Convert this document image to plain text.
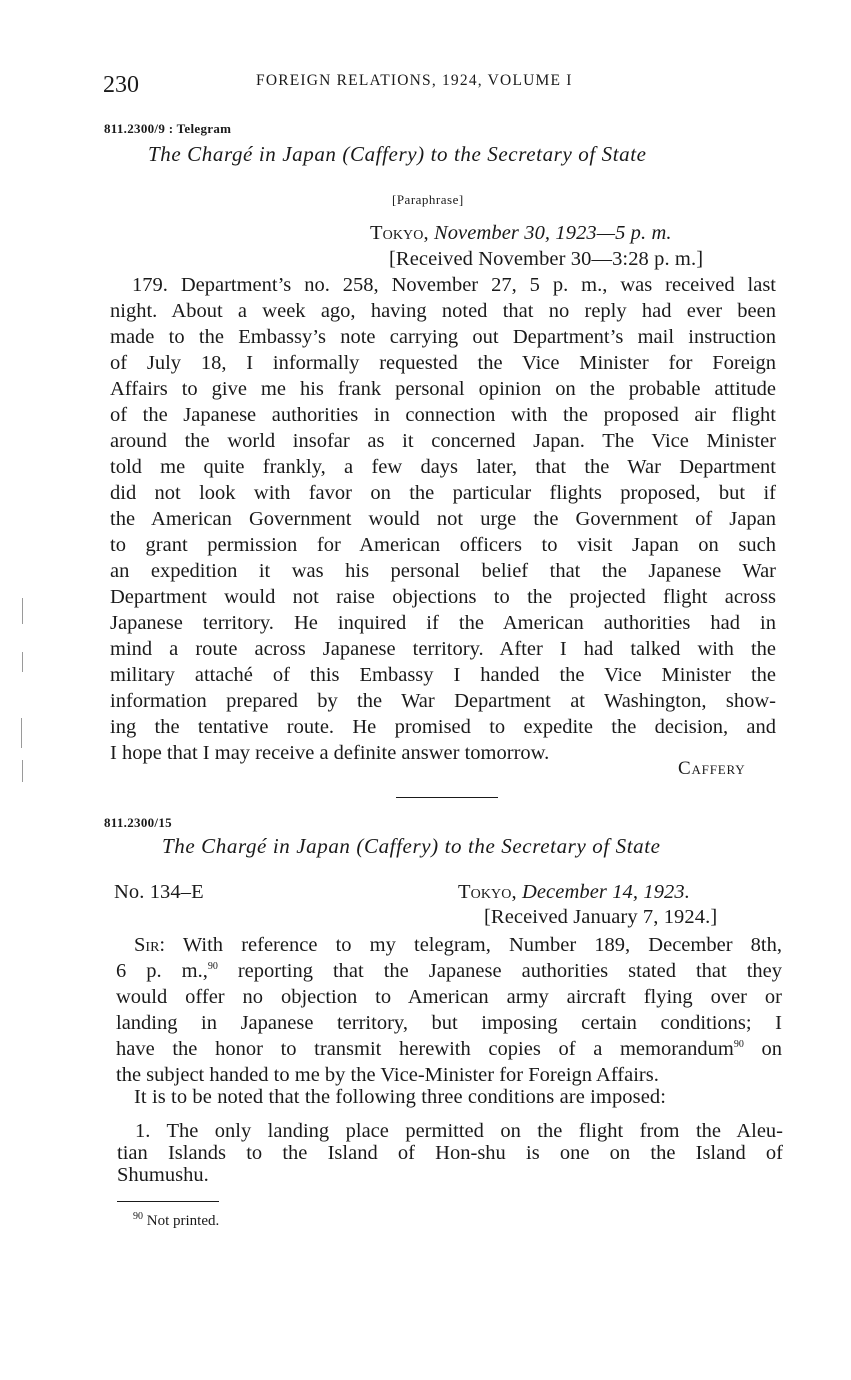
230	FOREIGN RELATIONS, 1924, VOLUME I
811.2300/9 : Telegram
The Chargé in Japan (Caffery) to the Secretary of State
[Paraphrase]
Tokyo, November 30, 1923—5 p. m.
[Received November 30—3:28 p. m.]
179. Department’s no. 258, November 27, 5 p. m., was received last
night. About a week ago, having noted that no reply had ever been
made to the Embassy’s note carrying out Department’s mail instruction
of July 18, I informally requested the Vice Minister for Foreign
Affairs to give me his frank personal opinion on the probable attitude
of the Japanese authorities in connection with the proposed air flight
around the world insofar as it concerned Japan. The Vice Minister
told me quite frankly, a few days later, that the War Department
did not look with favor on the particular flights proposed, but if
the American Government would not urge the Government of Japan
to grant permission for American officers to visit Japan on such
an expedition it was his personal belief that the Japanese War
Department would not raise objections to the projected flight across
Japanese territory. He inquired if the American authorities had in
mind a route across Japanese territory. After I had talked with the
military attaché of this Embassy I handed the Vice Minister the
information prepared by the War Department at Washington, show-
ing the tentative route. He promised to expedite the decision, and
I hope that I may receive a definite answer tomorrow.
Caffery
811.2300/15
The Chargé in Japan (Caffery) to the Secretary of State
No. 134–E	Tokyo, December 14, 1923.
[Received January 7, 1924.]
Sir: With reference to my telegram, Number 189, December 8th,
6 p. m.,$^{90}$ reporting that the Japanese authorities stated that they
would offer no objection to American army aircraft flying over or
landing in Japanese territory, but imposing certain conditions; I
have the honor to transmit herewith copies of a memorandum$^{90}$ on
the subject handed to me by the Vice-Minister for Foreign Affairs.
It is to be noted that the following three conditions are imposed:
1. The only landing place permitted on the flight from the Aleu-
tian Islands to the Island of Hon-shu is one on the Island of
Shumushu.
$^{90}$ Not printed.
